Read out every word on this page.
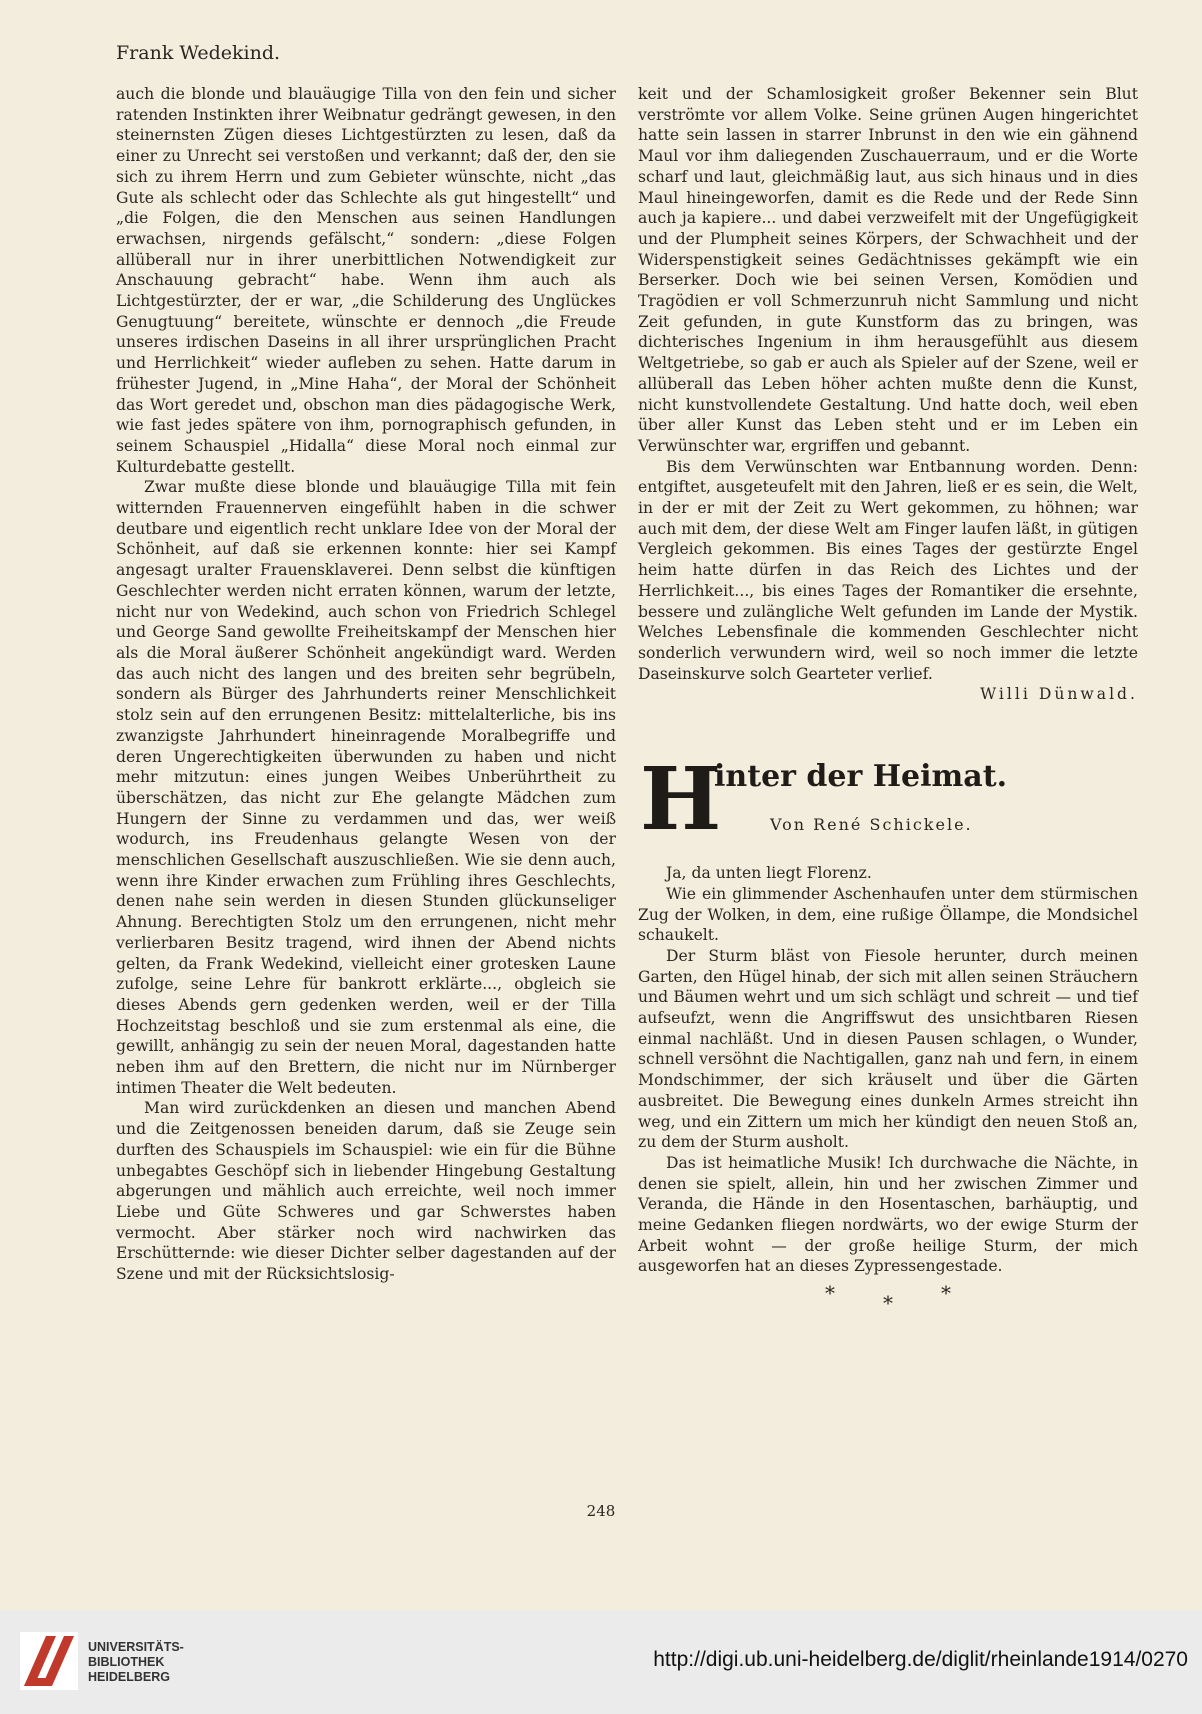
Frank Wedekind.

auch die blonde und blauäugige Tilla von den fein und sicher ratenden Instinkten ihrer Weibnatur gedrängt gewesen, in den steinernsten Zügen dieses Lichtgestürzten zu lesen, daß da einer zu Unrecht sei verstoßen und verkannt; daß der, den sie sich zu ihrem Herrn und zum Gebieter wünschte, nicht „das Gute als schlecht oder das Schlechte als gut hingestellt“ und „die Folgen, die den Menschen aus seinen Handlungen erwachsen, nirgends gefälscht,“ sondern: „diese Folgen allüberall nur in ihrer unerbittlichen Notwendigkeit zur Anschauung gebracht“ habe. Wenn ihm auch als Lichtgestürzter, der er war, „die Schilderung des Unglückes Genugtuung“ bereitete, wünschte er dennoch „die Freude unseres irdischen Daseins in all ihrer ursprünglichen Pracht und Herrlichkeit“ wieder aufleben zu sehen. Hatte darum in frühester Jugend, in „Mine Haha“, der Moral der Schönheit das Wort geredet und, obschon man dies pädagogische Werk, wie fast jedes spätere von ihm, pornographisch gefunden, in seinem Schauspiel „Hidalla“ diese Moral noch einmal zur Kulturdebatte gestellt.

Zwar mußte diese blonde und blauäugige Tilla mit fein witternden Frauennerven eingefühlt haben in die schwer deutbare und eigentlich recht unklare Idee von der Moral der Schönheit, auf daß sie erkennen konnte: hier sei Kampf angesagt uralter Frauensklaverei. Denn selbst die künftigen Geschlechter werden nicht erraten können, warum der letzte, nicht nur von Wedekind, auch schon von Friedrich Schlegel und George Sand gewollte Freiheitskampf der Menschen hier als die Moral äußerer Schönheit angekündigt ward. Werden das auch nicht des langen und des breiten sehr begrübeln, sondern als Bürger des Jahrhunderts reiner Menschlichkeit stolz sein auf den errungenen Besitz: mittelalterliche, bis ins zwanzigste Jahrhundert hineinragende Moralbegriffe und deren Ungerechtigkeiten überwunden zu haben und nicht mehr mitzutun: eines jungen Weibes Unberührtheit zu überschätzen, das nicht zur Ehe gelangte Mädchen zum Hungern der Sinne zu verdammen und das, wer weiß wodurch, ins Freudenhaus gelangte Wesen von der menschlichen Gesellschaft auszuschließen. Wie sie denn auch, wenn ihre Kinder erwachen zum Frühling ihres Geschlechts, denen nahe sein werden in diesen Stunden glückunseliger Ahnung. Berechtigten Stolz um den errungenen, nicht mehr verlierbaren Besitz tragend, wird ihnen der Abend nichts gelten, da Frank Wedekind, vielleicht einer grotesken Laune zufolge, seine Lehre für bankrott erklärte..., obgleich sie dieses Abends gern gedenken werden, weil er der Tilla Hochzeitstag beschloß und sie zum erstenmal als eine, die gewillt, anhängig zu sein der neuen Moral, dagestanden hatte neben ihm auf den Brettern, die nicht nur im Nürnberger intimen Theater die Welt bedeuten.

Man wird zurückdenken an diesen und manchen Abend und die Zeitgenossen beneiden darum, daß sie Zeuge sein durften des Schauspiels im Schauspiel: wie ein für die Bühne unbegabtes Geschöpf sich in liebender Hingebung Gestaltung abgerungen und mählich auch erreichte, weil noch immer Liebe und Güte Schweres und gar Schwerstes haben vermocht. Aber stärker noch wird nachwirken das Erschütternde: wie dieser Dichter selber dagestanden auf der Szene und mit der Rücksichtslosig-

keit und der Schamlosigkeit großer Bekenner sein Blut verströmte vor allem Volke. Seine grünen Augen hingerichtet hatte sein lassen in starrer Inbrunst in den wie ein gähnend Maul vor ihm daliegenden Zuschauerraum, und er die Worte scharf und laut, gleichmäßig laut, aus sich hinaus und in dies Maul hineingeworfen, damit es die Rede und der Rede Sinn auch ja kapiere... und dabei verzweifelt mit der Ungefügigkeit und der Plumpheit seines Körpers, der Schwachheit und der Widerspenstigkeit seines Gedächtnisses gekämpft wie ein Berserker. Doch wie bei seinen Versen, Komödien und Tragödien er voll Schmerzunruh nicht Sammlung und nicht Zeit gefunden, in gute Kunstform das zu bringen, was dichterisches Ingenium in ihm herausgefühlt aus diesem Weltgetriebe, so gab er auch als Spieler auf der Szene, weil er allüberall das Leben höher achten mußte denn die Kunst, nicht kunstvollendete Gestaltung. Und hatte doch, weil eben über aller Kunst das Leben steht und er im Leben ein Verwünschter war, ergriffen und gebannt.

Bis dem Verwünschten war Entbannung worden. Denn: entgiftet, ausgeteufelt mit den Jahren, ließ er es sein, die Welt, in der er mit der Zeit zu Wert gekommen, zu höhnen; war auch mit dem, der diese Welt am Finger laufen läßt, in gütigen Vergleich gekommen. Bis eines Tages der gestürzte Engel heim hatte dürfen in das Reich des Lichtes und der Herrlichkeit..., bis eines Tages der Romantiker die ersehnte, bessere und zulängliche Welt gefunden im Lande der Mystik. Welches Lebensfinale die kommenden Geschlechter nicht sonderlich verwundern wird, weil so noch immer die letzte Daseinskurve solch Gearteter verlief.

Willi Dünwald.
H
inter der Heimat.
Von René Schickele.

Ja, da unten liegt Florenz.

Wie ein glimmender Aschenhaufen unter dem stürmischen Zug der Wolken, in dem, eine rußige Öllampe, die Mondsichel schaukelt.

Der Sturm bläst von Fiesole herunter, durch meinen Garten, den Hügel hinab, der sich mit allen seinen Sträuchern und Bäumen wehrt und um sich schlägt und schreit — und tief aufseufzt, wenn die Angriffswut des unsichtbaren Riesen einmal nachläßt. Und in diesen Pausen schlagen, o Wunder, schnell versöhnt die Nachtigallen, ganz nah und fern, in einem Mondschimmer, der sich kräuselt und über die Gärten ausbreitet. Die Bewegung eines dunkeln Armes streicht ihn weg, und ein Zittern um mich her kündigt den neuen Stoß an, zu dem der Sturm ausholt.

Das ist heimatliche Musik! Ich durchwache die Nächte, in denen sie spielt, allein, hin und her zwischen Zimmer und Veranda, die Hände in den Hosentaschen, barhäuptig, und meine Gedanken fliegen nordwärts, wo der ewige Sturm der Arbeit wohnt — der große heilige Sturm, der mich ausgeworfen hat an dieses Zypressengestade.

* * *
248
UNIVERSITÄTS-
BIBLIOTHEK
HEIDELBERG
http://digi.ub.uni-heidelberg.de/diglit/rheinlande1914/0270
